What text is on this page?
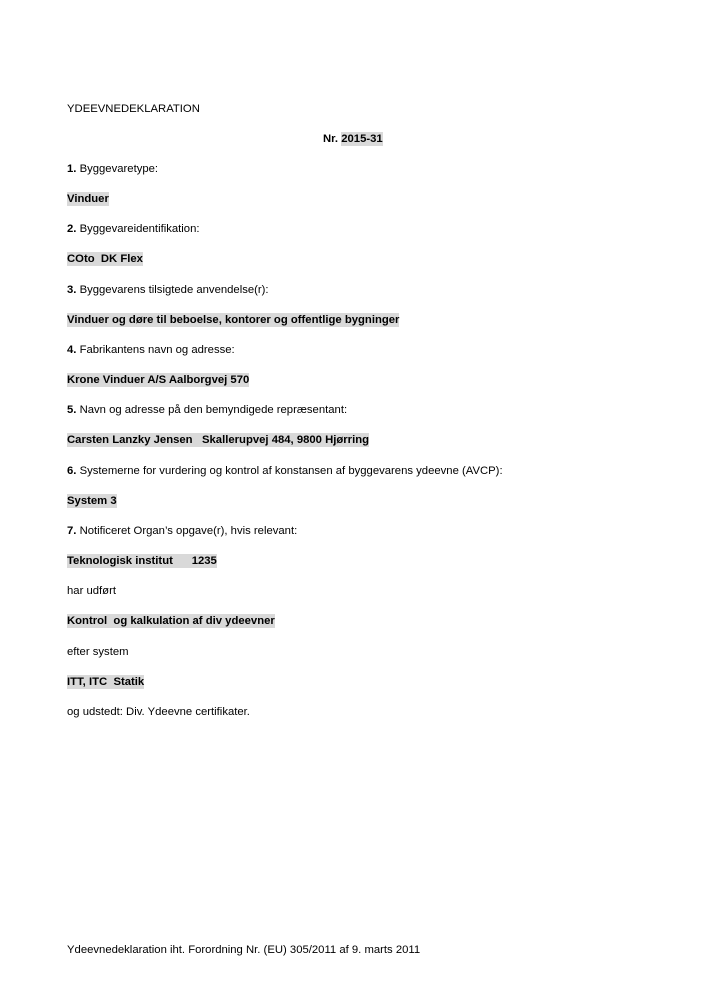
YDEEVNEDEKLARATION
Nr. 2015-31
1. Byggevaretype:
Vinduer
2. Byggevareidentifikation:
COto  DK Flex
3. Byggevarens tilsigtede anvendelse(r):
Vinduer og døre til beboelse, kontorer og offentlige bygninger
4. Fabrikantens navn og adresse:
Krone Vinduer A/S Aalborgvej 570
5. Navn og adresse på den bemyndigede repræsentant:
Carsten Lanzky Jensen   Skallerupvej 484, 9800 Hjørring
6. Systemerne for vurdering og kontrol af konstansen af byggevarens ydeevne (AVCP):
System 3
7. Notificeret Organ’s opgave(r), hvis relevant:
Teknologisk institut      1235
har udført
Kontrol  og kalkulation af div ydeevner
efter system
ITT, ITC  Statik
og udstedt: Div. Ydeevne certifikater.
Ydeevnedeklaration iht. Forordning Nr. (EU) 305/2011 af 9. marts 2011
